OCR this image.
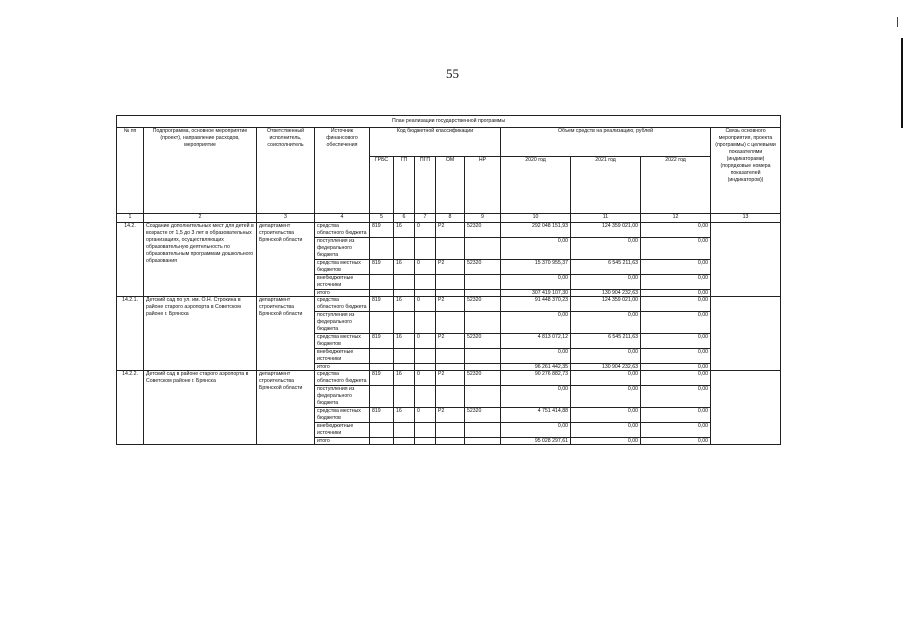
55
План реализации государственной программы												
№ пп	Подпрограмма, основное мероприятие (проект), направление расходов, мероприятие	Ответственный исполнитель, соисполнитель	Источник финансового обеспечения	Код бюджетной классификации					Объем средств на реализацию, рублей			Связь основного мероприятия, проекта (программы) с целевыми показателями (индикаторами) (порядковые номера показателей (индикаторов))
				ГРБС	ГП	ПГП	ОМ	НР	2020 год	2021 год	2022 год	
1	2	3	4	5	6	7	8	9	10	11	12	13
14.2.	Создание дополнительных мест для детей в возрасте от 1,5 до 3 лет в образовательных организациях, осуществляющих образовательную деятельность по образовательным программам дошкольного образования	департамент строительства Брянской области	средства областного бюджета	819	16	0	Р2	52320	292 048 151,93	124 359 021,00	0,00	
			поступления из федерального бюджета						0,00	0,00	0,00	
			средства местных бюджетов	819	16	0	Р2	52320	15 370 955,37	6 545 211,63	0,00	
			внебюджетные источники						0,00	0,00	0,00	
			итого						307 419 107,30	130 904 232,63	0,00	
14.2.1.	Детский сад по ул. им. О.Н. Строкина в районе старого аэропорта в Советском районе г. Брянска	департамент строительства Брянской области	средства областного бюджета	819	16	0	Р2	52320	91 448 370,23	124 359 021,00	0,00	
			поступления из федерального бюджета						0,00	0,00	0,00	
			средства местных бюджетов	819	16	0	Р2	52320	4 813 072,12	6 545 211,63	0,00	
			внебюджетные источники						0,00	0,00	0,00	
			итого						96 261 442,35	130 904 232,63	0,00	
14.2.2.	Детский сад в районе старого аэропорта в Советском районе г. Брянска	департамент строительства Брянской области	средства областного бюджета	819	16	0	Р2	52320	90 276 882,73	0,00	0,00	
			поступления из федерального бюджета						0,00	0,00	0,00	
			средства местных бюджетов	819	16	0	Р2	52320	4 751 414,88	0,00	0,00	
			внебюджетные источники						0,00	0,00	0,00	
			итого						95 028 297,61	0,00	0,00	
